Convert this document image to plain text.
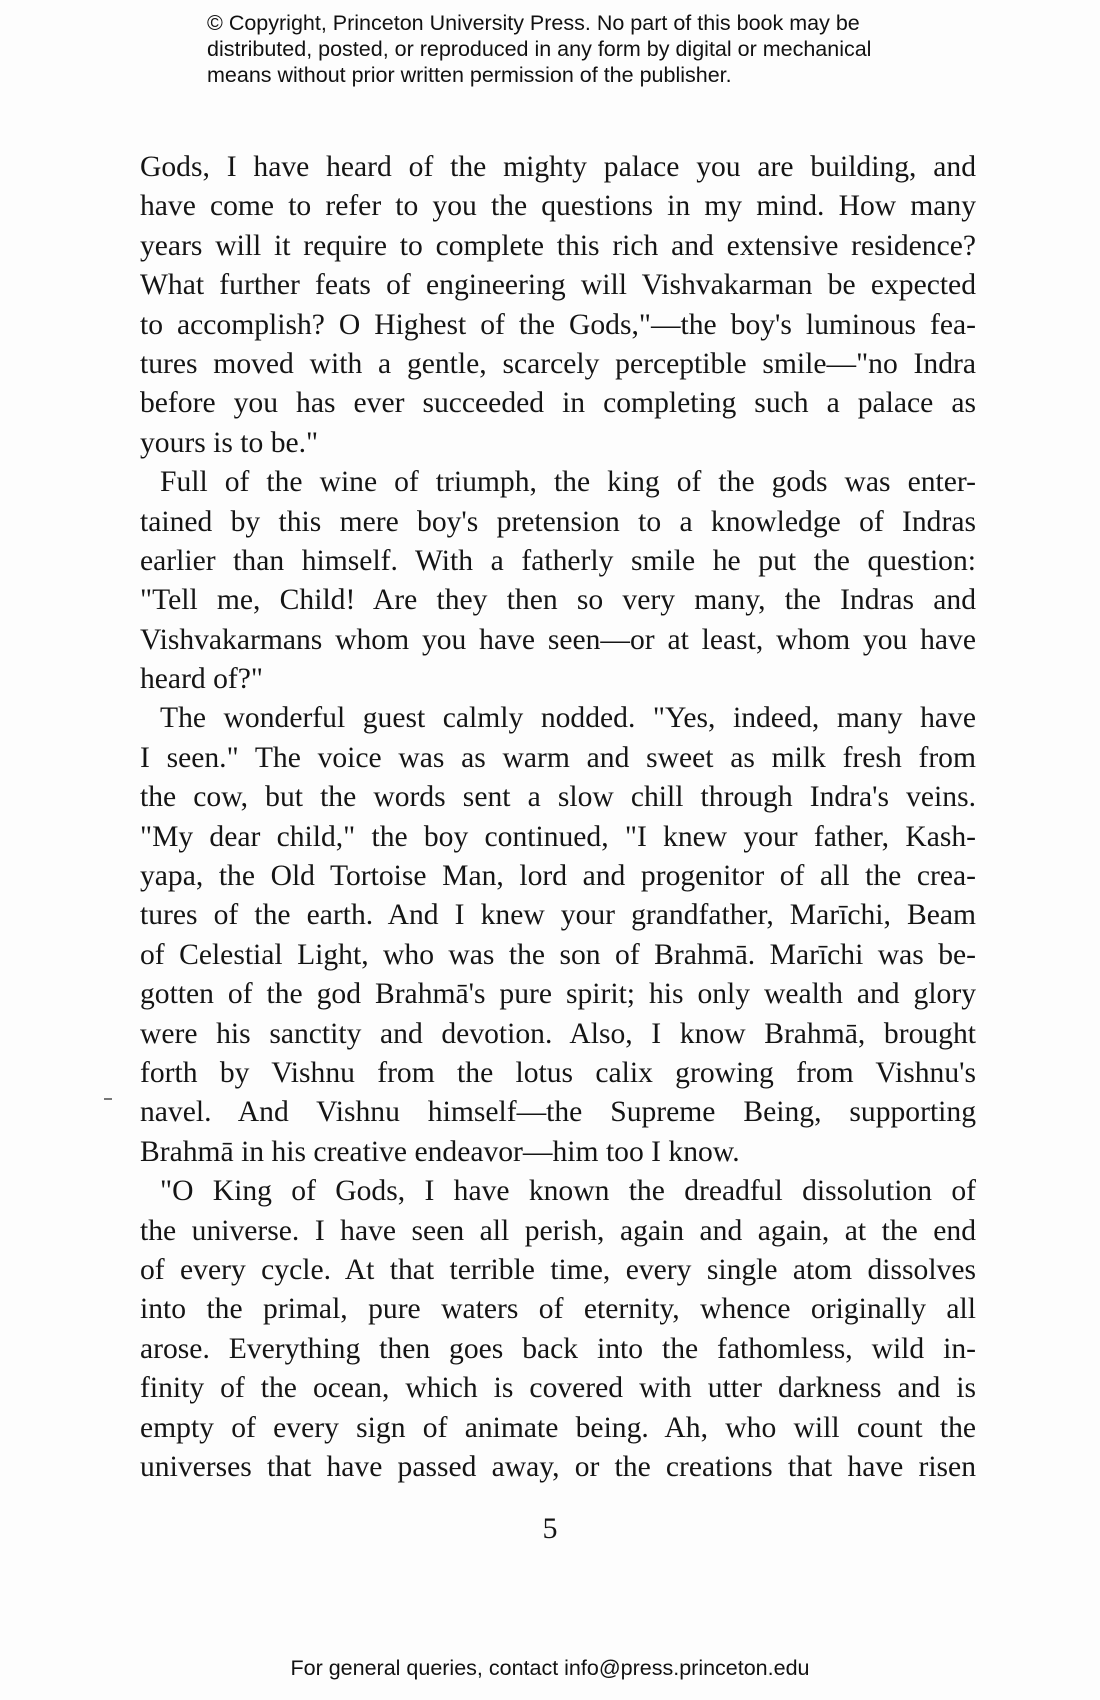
© Copyright, Princeton University Press. No part of this book may be
distributed, posted, or reproduced in any form by digital or mechanical
means without prior written permission of the publisher.
Gods, I have heard of the mighty palace you are building, and
have come to refer to you the questions in my mind. How many
years will it require to complete this rich and extensive residence?
What further feats of engineering will Vishvakarman be expected
to accomplish? O Highest of the Gods,"—the boy's luminous fea-
tures moved with a gentle, scarcely perceptible smile—"no Indra
before you has ever succeeded in completing such a palace as
yours is to be."
Full of the wine of triumph, the king of the gods was enter-
tained by this mere boy's pretension to a knowledge of Indras
earlier than himself. With a fatherly smile he put the question:
"Tell me, Child! Are they then so very many, the Indras and
Vishvakarmans whom you have seen—or at least, whom you have
heard of?"
The wonderful guest calmly nodded. "Yes, indeed, many have
I seen." The voice was as warm and sweet as milk fresh from
the cow, but the words sent a slow chill through Indra's veins.
"My dear child," the boy continued, "I knew your father, Kash-
yapa, the Old Tortoise Man, lord and progenitor of all the crea-
tures of the earth. And I knew your grandfather, Marīchi, Beam
of Celestial Light, who was the son of Brahmā. Marīchi was be-
gotten of the god Brahmā's pure spirit; his only wealth and glory
were his sanctity and devotion. Also, I know Brahmā, brought
forth by Vishnu from the lotus calix growing from Vishnu's
navel. And Vishnu himself—the Supreme Being, supporting
Brahmā in his creative endeavor—him too I know.
"O King of Gods, I have known the dreadful dissolution of
the universe. I have seen all perish, again and again, at the end
of every cycle. At that terrible time, every single atom dissolves
into the primal, pure waters of eternity, whence originally all
arose. Everything then goes back into the fathomless, wild in-
finity of the ocean, which is covered with utter darkness and is
empty of every sign of animate being. Ah, who will count the
universes that have passed away, or the creations that have risen
5
For general queries, contact info@press.princeton.edu
